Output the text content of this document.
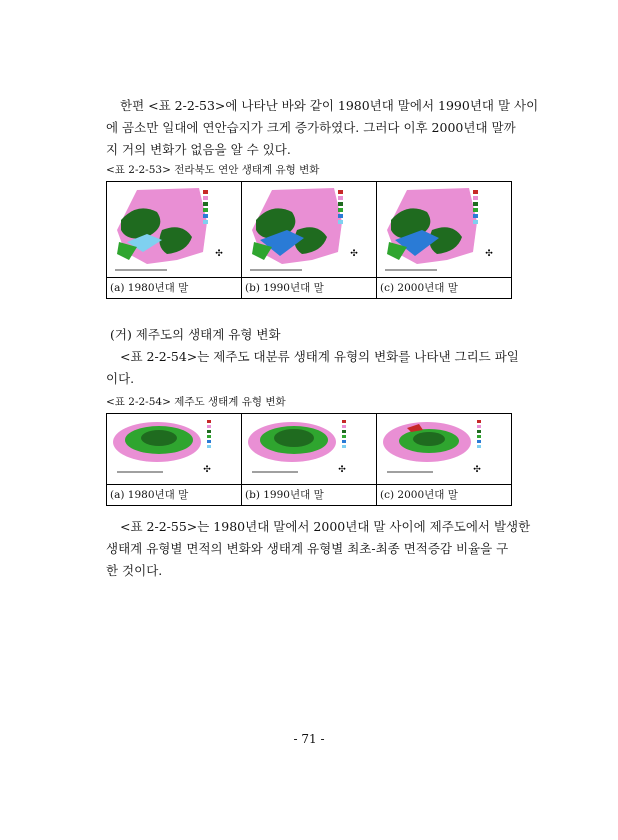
한편 <표 2-2-53>에 나타난 바와 같이 1980년대 말에서 1990년대 말 사이
에 곰소만 일대에 연안습지가 크게 증가하였다. 그러다 이후 2000년대 말까
지 거의 변화가 없음을 알 수 있다.

<표 2-2-53> 전라북도 연안 생태계 유형 변화

✣	✣	✣
(a) 1980년대 말	(b) 1990년대 말	(c) 2000년대 말

(거) 제주도의 생태계 유형 변화

<표 2-2-54>는 제주도 대분류 생태계 유형의 변화를 나타낸 그리드 파일
이다.

<표 2-2-54> 제주도 생태계 유형 변화

✣	✣	✣
(a) 1980년대 말	(b) 1990년대 말	(c) 2000년대 말
<표 2-2-55>는 1980년대 말에서 2000년대 말 사이에 제주도에서 발생한
생태계 유형별 면적의 변화와 생태계 유형별 최초-최종 면적증감 비율을 구
한 것이다.
- 71 -
